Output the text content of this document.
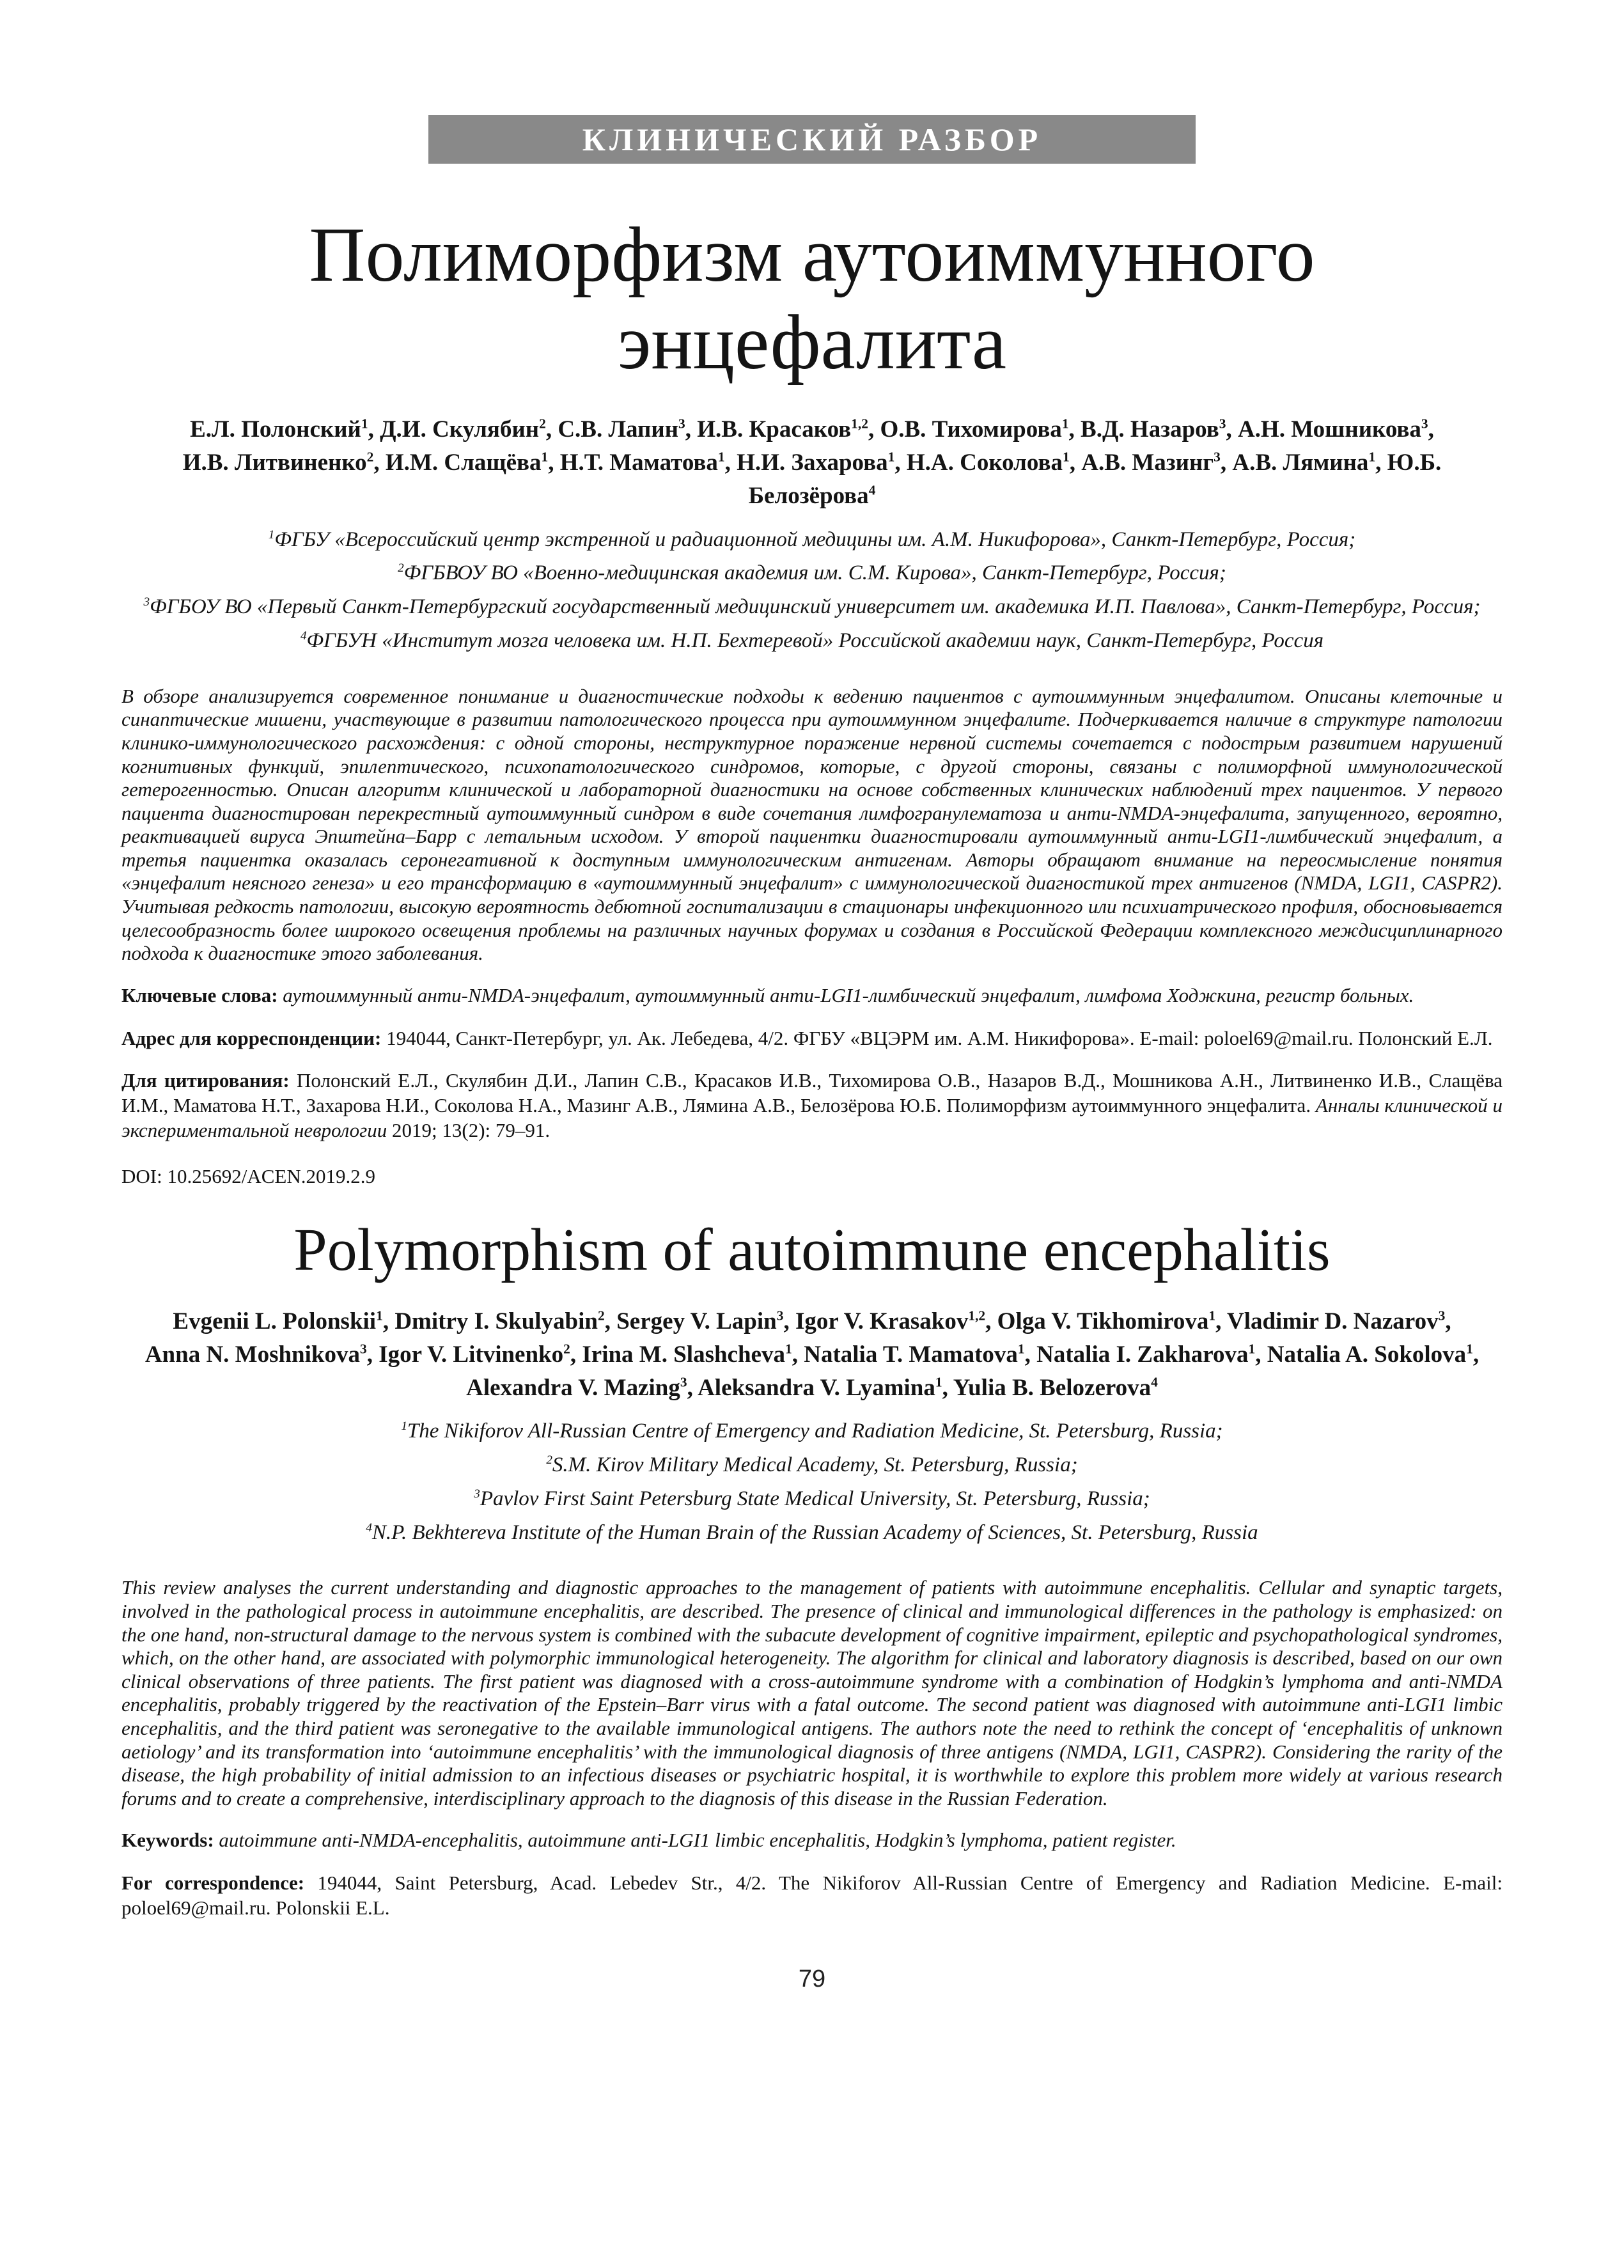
КЛИНИЧЕСКИЙ РАЗБОР
Полиморфизм аутоиммунного
энцефалита
Е.Л. Полонский$^1$, Д.И. Скулябин$^2$, С.В. Лапин$^3$, И.В. Красаков$^{1,2}$, О.В. Тихомирова$^1$, В.Д. Назаров$^3$, А.Н. Мошникова$^3$,
И.В. Литвиненко$^2$, И.М. Слащёва$^1$, Н.Т. Маматова$^1$, Н.И. Захарова$^1$, Н.А. Соколова$^1$, А.В. Мазинг$^3$, А.В. Лямина$^1$, Ю.Б. Белозёрова$^4$
$^1$ФГБУ «Всероссийский центр экстренной и радиационной медицины им. А.М. Никифорова», Санкт-Петербург, Россия;
$^2$ФГБВОУ ВО «Военно-медицинская академия им. С.М. Кирова», Санкт-Петербург, Россия;
$^3$ФГБОУ ВО «Первый Санкт-Петербургский государственный медицинский университет им. академика И.П. Павлова», Санкт-Петербург, Россия;
$^4$ФГБУН «Институт мозга человека им. Н.П. Бехтеревой» Российской академии наук, Санкт-Петербург, Россия

В обзоре анализируется современное понимание и диагностические подходы к ведению пациентов с аутоиммунным энцефалитом. Описаны клеточные и синаптические мишени, участвующие в развитии патологического процесса при аутоиммунном энцефалите. Подчеркивается наличие в структуре патологии клинико-иммунологического расхождения: с одной стороны, неструктурное поражение нервной системы сочетается с подострым развитием нарушений когнитивных функций, эпилептического, психопатологического синдромов, которые, с другой стороны, связаны с полиморфной иммунологической гетерогенностью. Описан алгоритм клинической и лабораторной диагностики на основе собственных клинических наблюдений трех пациентов. У первого пациента диагностирован перекрестный аутоиммунный синдром в виде сочетания лимфогранулематоза и анти-NMDA-энцефалита, запущенного, вероятно, реактивацией вируса Эпштейна–Барр с летальным исходом. У второй пациентки диагностировали аутоиммунный анти-LGI1-лимбический энцефалит, а третья пациентка оказалась серонегативной к доступным иммунологическим антигенам. Авторы обращают внимание на переосмысление понятия «энцефалит неясного генеза» и его трансформацию в «аутоиммунный энцефалит» с иммунологической диагностикой трех антигенов (NMDA, LGI1, CASPR2). Учитывая редкость патологии, высокую вероятность дебютной госпитализации в стационары инфекционного или психиатрического профиля, обосновывается целесообразность более широкого освещения проблемы на различных научных форумах и создания в Российской Федерации комплексного междисциплинарного подхода к диагностике этого заболевания.

Ключевые слова: аутоиммунный анти-NMDA-энцефалит, аутоиммунный анти-LGI1-лимбический энцефалит, лимфома Ходжкина, регистр больных.

Адрес для корреспонденции: 194044, Санкт-Петербург, ул. Ак. Лебедева, 4/2. ФГБУ «ВЦЭРМ им. А.М. Никифорова». E-mail: poloel69@mail.ru. Полонский Е.Л.

Для цитирования: Полонский Е.Л., Скулябин Д.И., Лапин С.В., Красаков И.В., Тихомирова О.В., Назаров В.Д., Мошникова А.Н., Литвиненко И.В., Слащёва И.М., Маматова Н.Т., Захарова Н.И., Соколова Н.А., Мазинг А.В., Лямина А.В., Белозёрова Ю.Б. Полиморфизм аутоиммунного энцефалита. Анналы клинической и экспериментальной неврологии 2019; 13(2): 79–91.

DOI: 10.25692/ACEN.2019.2.9

Polymorphism of autoimmune encephalitis
Evgenii L. Polonskii$^1$, Dmitry I. Skulyabin$^2$, Sergey V. Lapin$^3$, Igor V. Krasakov$^{1,2}$, Olga V. Tikhomirova$^1$, Vladimir D. Nazarov$^3$,
Anna N. Moshnikova$^3$, Igor V. Litvinenko$^2$, Irina M. Slashcheva$^1$, Natalia T. Mamatova$^1$, Natalia I. Zakharova$^1$, Natalia A. Sokolova$^1$,
Alexandra V. Mazing$^3$, Aleksandra V. Lyamina$^1$, Yulia B. Belozerova$^4$
$^1$The Nikiforov All-Russian Centre of Emergency and Radiation Medicine, St. Petersburg, Russia;
$^2$S.M. Kirov Military Medical Academy, St. Petersburg, Russia;
$^3$Pavlov First Saint Petersburg State Medical University, St. Petersburg, Russia;
$^4$N.P. Bekhtereva Institute of the Human Brain of the Russian Academy of Sciences, St. Petersburg, Russia

This review analyses the current understanding and diagnostic approaches to the management of patients with autoimmune encephalitis. Cellular and synaptic targets, involved in the pathological process in autoimmune encephalitis, are described. The presence of clinical and immunological differences in the pathology is emphasized: on the one hand, non-structural damage to the nervous system is combined with the subacute development of cognitive impairment, epileptic and psychopathological syndromes, which, on the other hand, are associated with polymorphic immunological heterogeneity. The algorithm for clinical and laboratory diagnosis is described, based on our own clinical observations of three patients. The first patient was diagnosed with a cross-autoimmune syndrome with a combination of Hodgkin’s lymphoma and anti-NMDA encephalitis, probably triggered by the reactivation of the Epstein–Barr virus with a fatal outcome. The second patient was diagnosed with autoimmune anti-LGI1 limbic encephalitis, and the third patient was seronegative to the available immunological antigens. The authors note the need to rethink the concept of ‘encephalitis of unknown aetiology’ and its transformation into ‘autoimmune encephalitis’ with the immunological diagnosis of three antigens (NMDA, LGI1, CASPR2). Considering the rarity of the disease, the high probability of initial admission to an infectious diseases or psychiatric hospital, it is worthwhile to explore this problem more widely at various research forums and to create a comprehensive, interdisciplinary approach to the diagnosis of this disease in the Russian Federation.

Keywords: autoimmune anti-NMDA-encephalitis, autoimmune anti-LGI1 limbic encephalitis, Hodgkin’s lymphoma, patient register.

For correspondence: 194044, Saint Petersburg, Acad. Lebedev Str., 4/2. The Nikiforov All-Russian Centre of Emergency and Radiation Medicine. E-mail: poloel69@mail.ru. Polonskii E.L.

79
